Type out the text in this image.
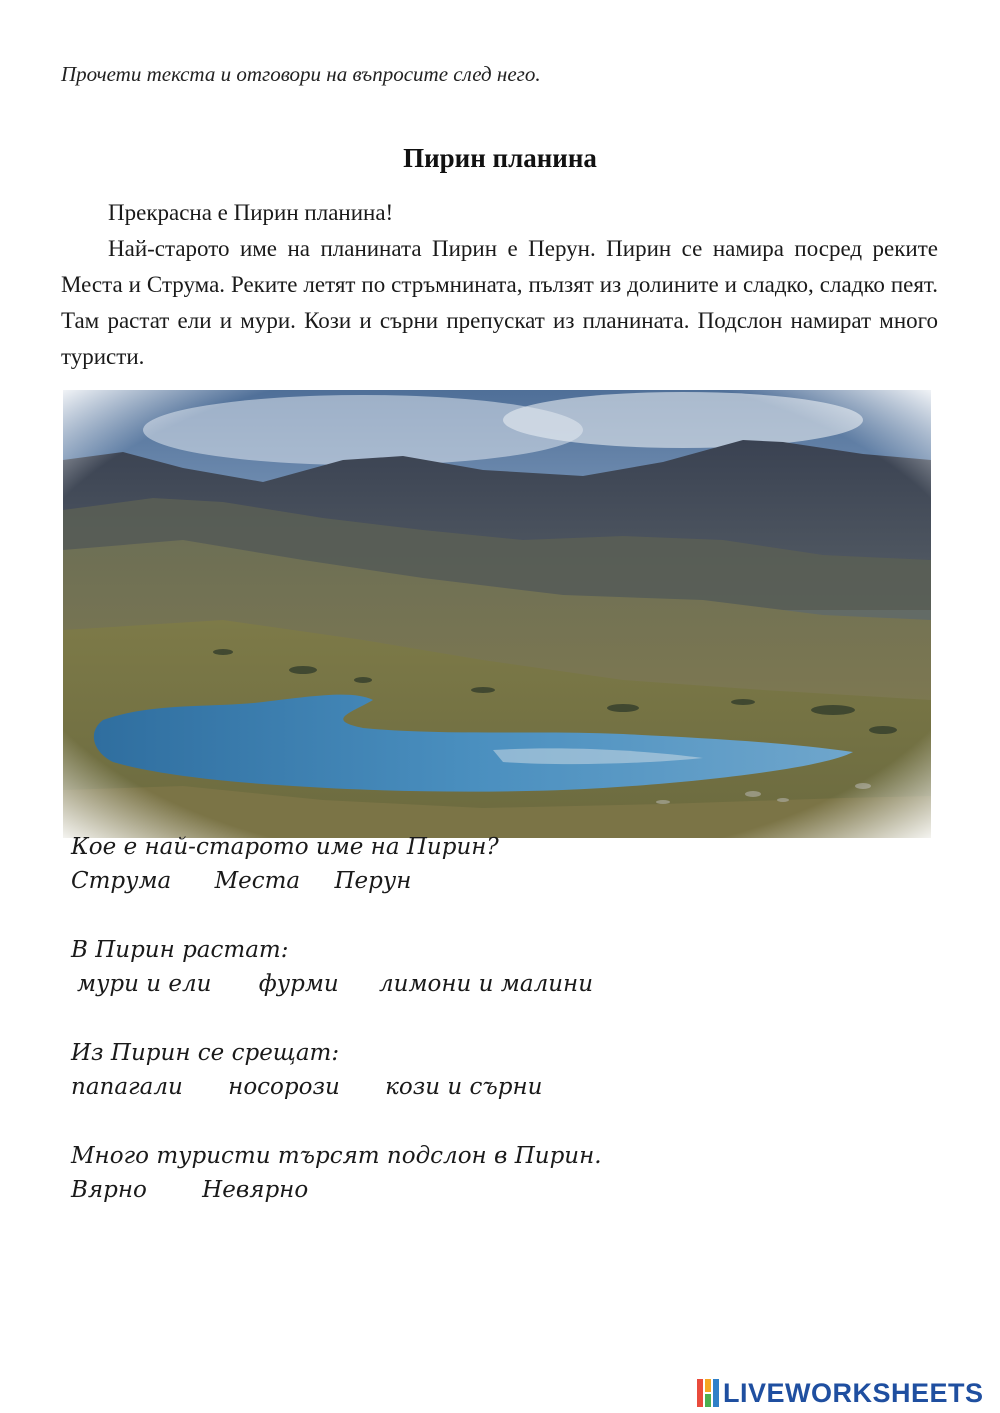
Прочети текста и отговори на въпросите след него.
Пирин планина

Прекрасна е Пирин планина!

Най-старото име на планината Пирин е Перун. Пирин се намира посред реките Места и Струма. Реките летят по стръмнината, пълзят из долините и сладко, сладко пеят. Там растат ели и мури. Кози и сърни препускат из планината. Подслон намират много туристи.

Кое е най-старото име на Пирин?
Струма Места Перун
В Пирин растат:
мури и ели фурми лимони и малини
Из Пирин се срещат:
папагали носорози кози и сърни
Много туристи търсят подслон в Пирин.
Вярно Невярно
LIVEWORKSHEETS
